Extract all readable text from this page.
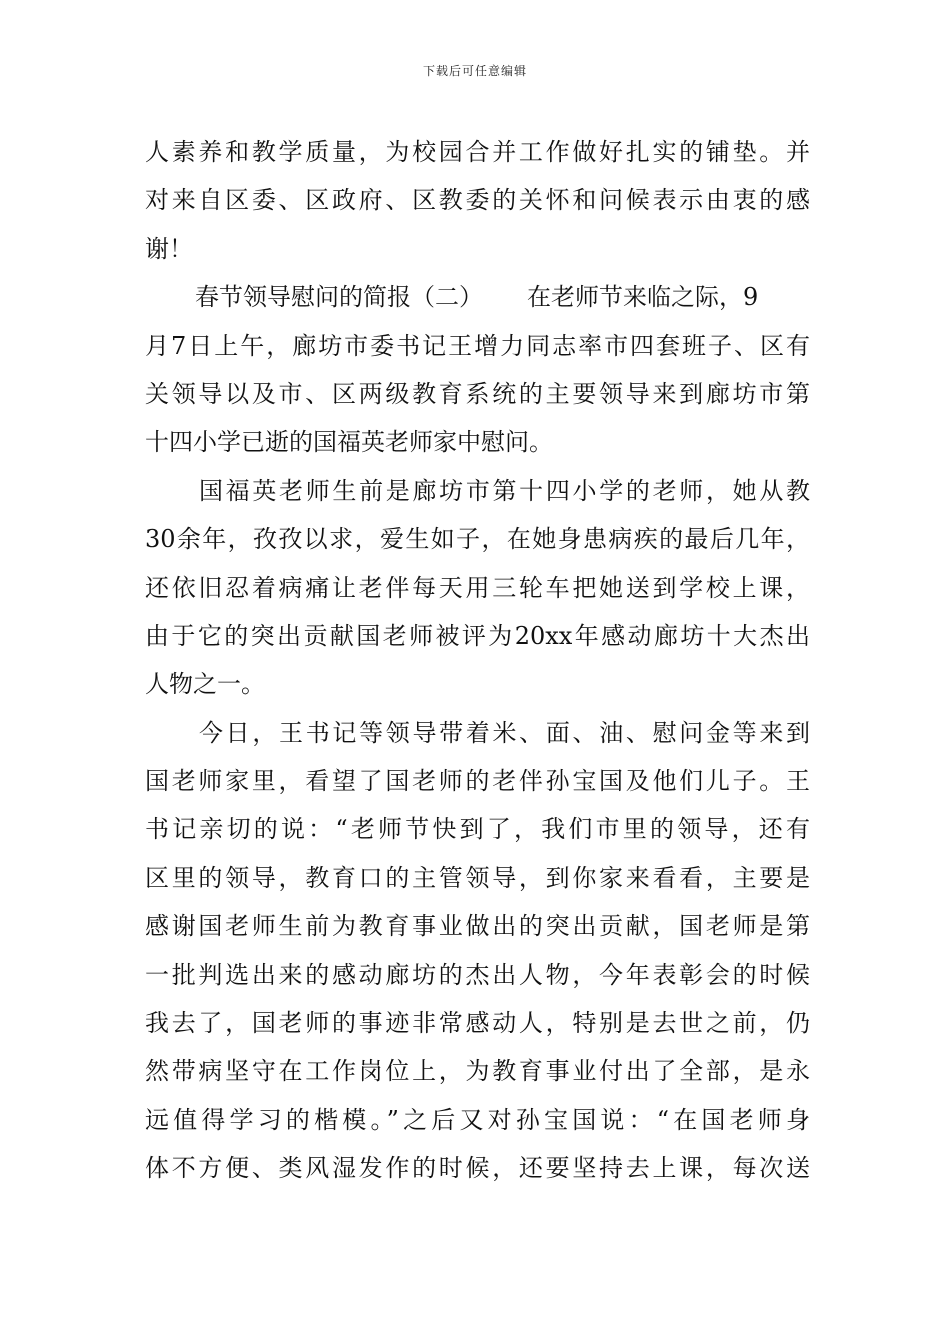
下载后可任意编辑
人素养和教学质量，为校园合并工作做好扎实的铺垫。并
对来自区委、区政府、区教委的关怀和问候表示由衷的感
谢！
春节领导慰问的简报（二） 在老师节来临之际，9
月7日上午，廊坊市委书记王增力同志率市四套班子、区有
关领导以及市、区两级教育系统的主要领导来到廊坊市第
十四小学已逝的国福英老师家中慰问。
国福英老师生前是廊坊市第十四小学的老师，她从教
30余年，孜孜以求，爱生如子，在她身患病疾的最后几年，
还依旧忍着病痛让老伴每天用三轮车把她送到学校上课，
由于它的突出贡献国老师被评为20xx年感动廊坊十大杰出
人物之一。
今日，王书记等领导带着米、面、油、慰问金等来到
国老师家里，看望了国老师的老伴孙宝国及他们儿子。王
书记亲切的说：“老师节快到了，我们市里的领导，还有
区里的领导，教育口的主管领导，到你家来看看，主要是
感谢国老师生前为教育事业做出的突出贡献，国老师是第
一批判选出来的感动廊坊的杰出人物，今年表彰会的时候
我去了，国老师的事迹非常感动人，特别是去世之前，仍
然带病坚守在工作岗位上，为教育事业付出了全部，是永
远值得学习的楷模。”之后又对孙宝国说：“在国老师身
体不方便、类风湿发作的时候，还要坚持去上课，每次送
